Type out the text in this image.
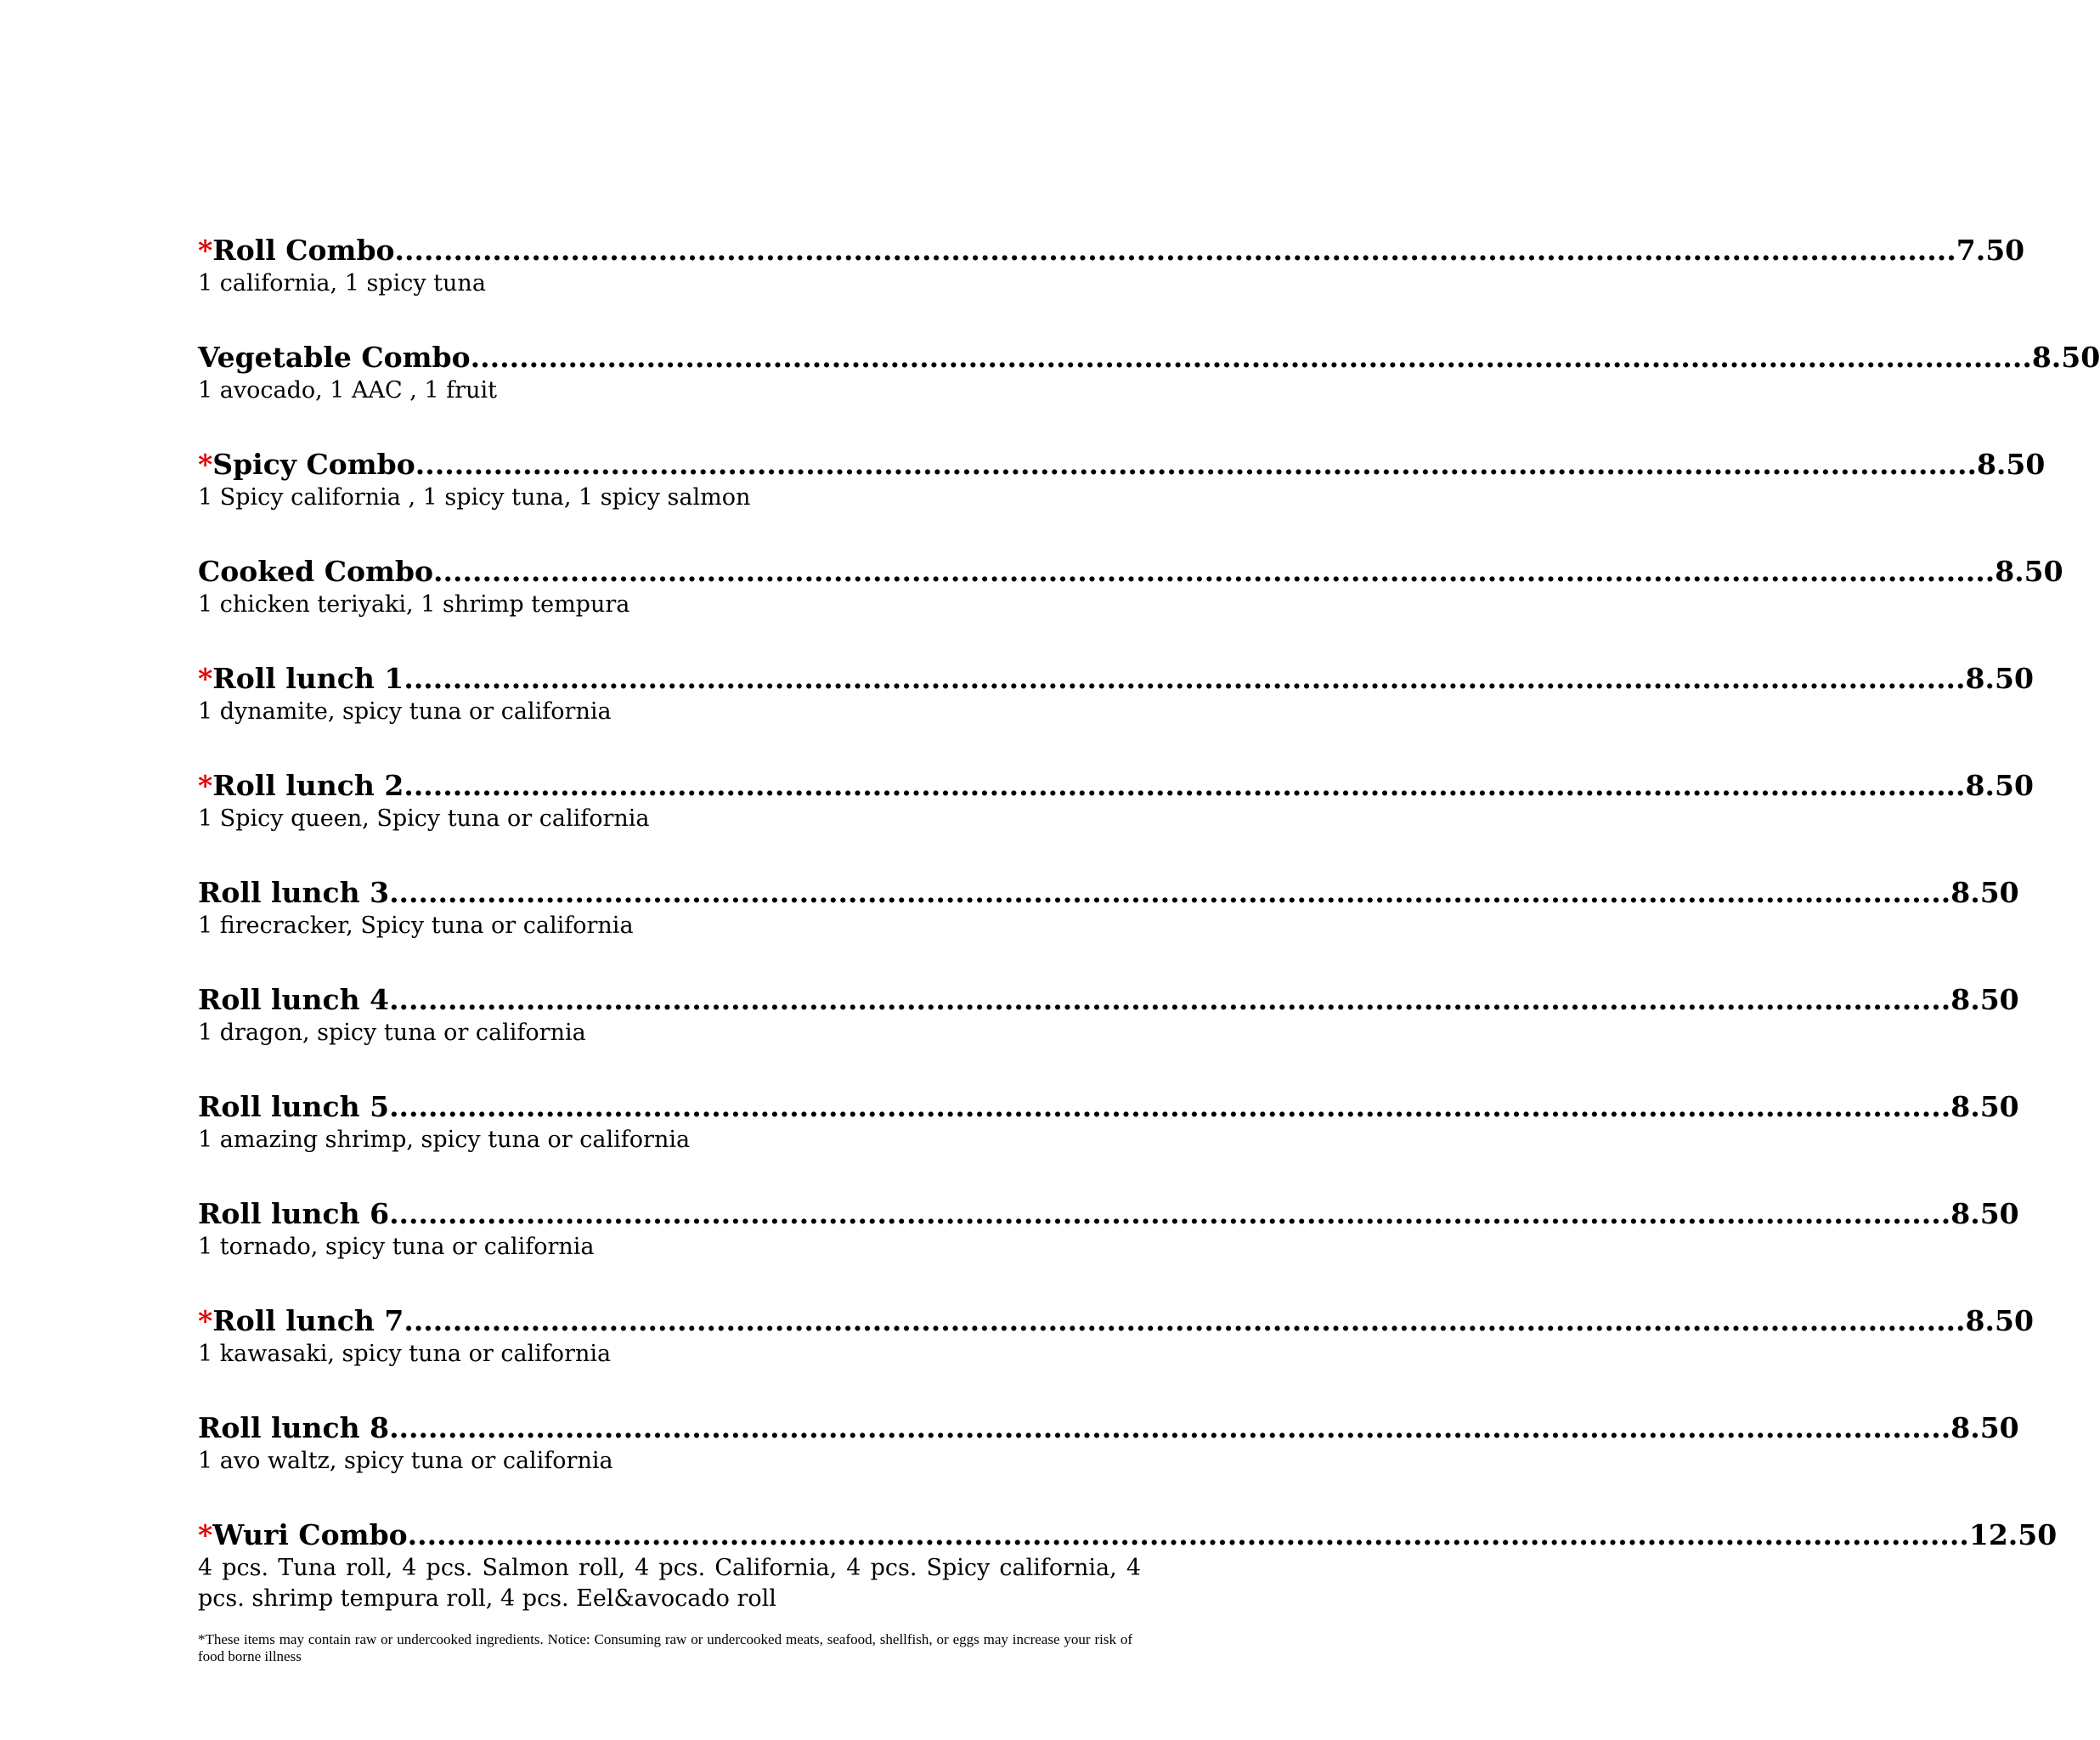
* Roll Combo ................................................................................................................................................................ 7.50
1 california, 1 spicy tuna
Vegetable Combo ................................................................................................................................................................ 8.50
1 avocado, 1 AAC , 1 fruit
* Spicy Combo ................................................................................................................................................................ 8.50
1 Spicy california , 1 spicy tuna, 1 spicy salmon
Cooked Combo ................................................................................................................................................................ 8.50
1 chicken teriyaki, 1 shrimp tempura
* Roll lunch 1 ................................................................................................................................................................ 8.50
1 dynamite, spicy tuna or california
* Roll lunch 2 ................................................................................................................................................................ 8.50
1 Spicy queen, Spicy tuna or california
Roll lunch 3 ................................................................................................................................................................ 8.50
1 firecracker, Spicy tuna or california
Roll lunch 4 ................................................................................................................................................................ 8.50
1 dragon, spicy tuna or california
Roll lunch 5 ................................................................................................................................................................ 8.50
1 amazing shrimp, spicy tuna or california
Roll lunch 6 ................................................................................................................................................................ 8.50
1 tornado, spicy tuna or california
* Roll lunch 7 ................................................................................................................................................................ 8.50
1 kawasaki, spicy tuna or california
Roll lunch 8 ................................................................................................................................................................ 8.50
1 avo waltz, spicy tuna or california
* Wuri Combo ................................................................................................................................................................ 12.50
4 pcs. Tuna roll, 4 pcs. Salmon roll, 4 pcs. California, 4 pcs. Spicy california, 4 pcs. shrimp tempura roll, 4 pcs. Eel&avocado roll
*These items may contain raw or undercooked ingredients. Notice: Consuming raw or undercooked meats, seafood, shellfish, or eggs may increase your risk of food borne illness
